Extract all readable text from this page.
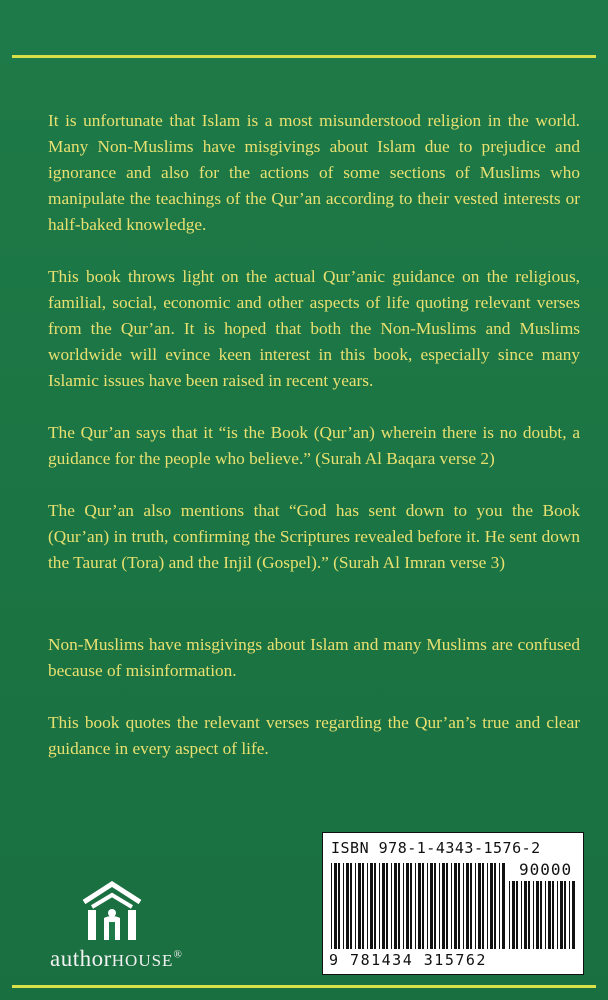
It is unfortunate that Islam is a most misunderstood religion in the world. Many Non-Muslims have misgivings about Islam due to prejudice and ignorance and also for the actions of some sections of Muslims who manipulate the teachings of the Qur’an according to their vested interests or half-baked knowledge.

This book throws light on the actual Qur’anic guidance on the religious, familial, social, economic and other aspects of life quoting relevant verses from the Qur’an. It is hoped that both the Non-Muslims and Muslims worldwide will evince keen interest in this book, especially since many Islamic issues have been raised in recent years.

The Qur’an says that it “is the Book (Qur’an) wherein there is no doubt, a guidance for the people who believe.” (Surah Al Baqara verse 2)

The Qur’an also mentions that “God has sent down to you the Book (Qur’an) in truth, confirming the Scriptures revealed before it. He sent down the Taurat (Tora) and the Injil (Gospel).” (Surah Al Imran verse 3)

Non-Muslims have misgivings about Islam and many Muslims are confused because of misinformation.

This book quotes the relevant verses regarding the Qur’an’s true and clear guidance in every aspect of life.

authorHOUSE®
ISBN 978-1-4343-1576-2
90000
9 781434 315762
